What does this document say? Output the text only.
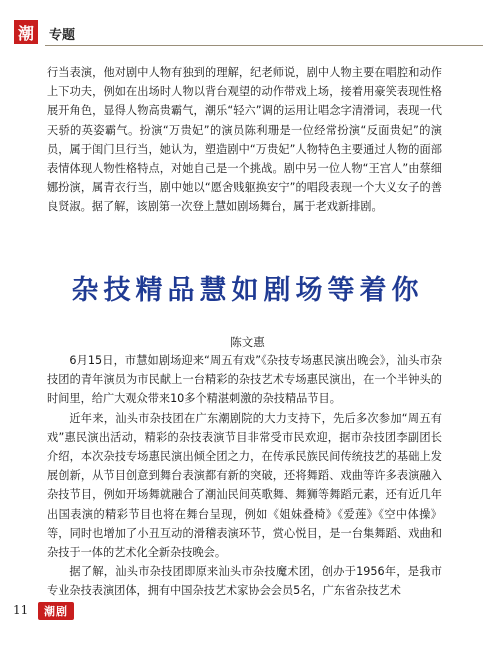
潮	专题

行当表演，他对剧中人物有独到的理解，纪老师说，剧中人物主要在唱腔和动作上下功夫，例如在出场时人物以背台观望的动作带戏上场，接着用豪笑表现性格展开角色，显得人物高贵霸气，潮乐“轻六”调的运用让唱念字清滑词，表现一代天骄的英姿霸气。扮演“万贵妃”的演员陈利珊是一位经常扮演“反面贵妃”的演员，属于闺门旦行当，她认为，塑造剧中“万贵妃”人物特色主要通过人物的面部表情体现人物性格特点，对她自己是一个挑战。剧中另一位人物“王宫人”由蔡细娜扮演，属青衣行当，剧中她以“愿舍贱躯换安宁”的唱段表现一个大义女子的善良贤淑。据了解，该剧第一次登上慧如剧场舞台，属于老戏新排剧。

杂技精品慧如剧场等着你
陈文惠

6月15日，市慧如剧场迎来“周五有戏”《杂技专场惠民演出晚会》，汕头市杂技团的青年演员为市民献上一台精彩的杂技艺术专场惠民演出，在一个半钟头的时间里，给广大观众带来10多个精湛刺激的杂技精品节目。

近年来，汕头市杂技团在广东潮剧院的大力支持下，先后多次参加“周五有戏”惠民演出活动，精彩的杂技表演节目非常受市民欢迎，据市杂技团李副团长介绍，本次杂技专场惠民演出倾全团之力，在传承民族民间传统技艺的基础上发展创新，从节目创意到舞台表演都有新的突破，还将舞蹈、戏曲等许多表演融入杂技节目，例如开场舞就融合了潮汕民间英歌舞、舞狮等舞蹈元素，还有近几年出国表演的精彩节目也将在舞台呈现，例如《姐妹叠椅》《爱莲》《空中体操》等，同时也增加了小丑互动的滑稽表演环节，赏心悦目，是一台集舞蹈、戏曲和杂技于一体的艺术化全新杂技晚会。

据了解，汕头市杂技团即原来汕头市杂技魔术团，创办于1956年，是我市专业杂技表演团体，拥有中国杂技艺术家协会会员5名，广东省杂技艺术

11	潮剧
